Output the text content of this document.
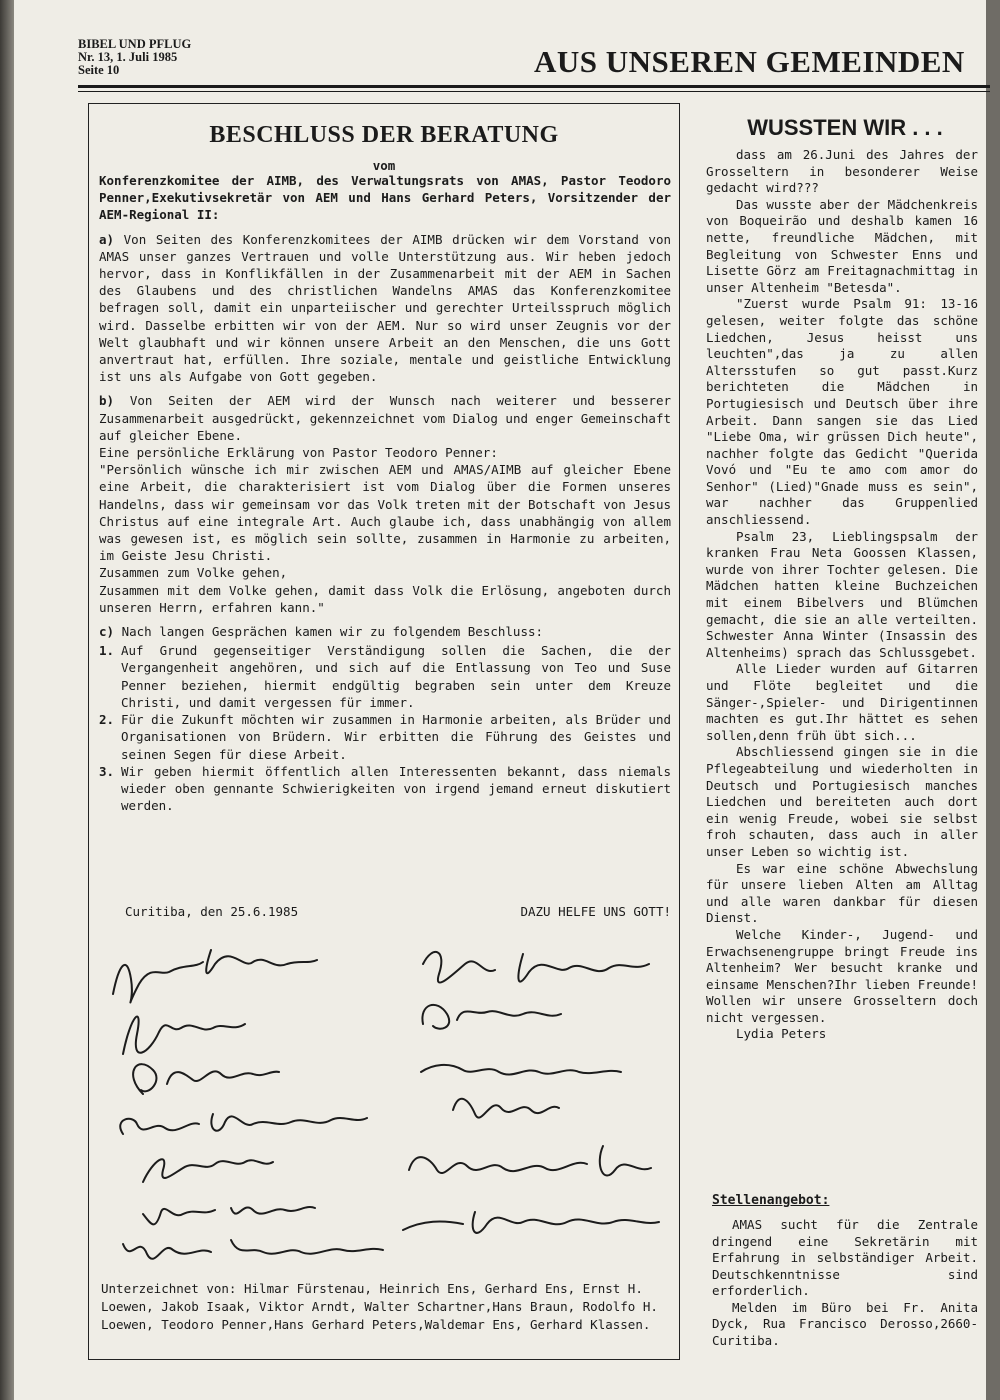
BIBEL UND PFLUG
Nr. 13, 1. Juli 1985
Seite 10	AUS UNSEREN GEMEINDEN
BESCHLUSS DER BERATUNG
vom

Konferenzkomitee der AIMB, des Verwaltungsrats von AMAS, Pastor Teodoro Penner,Exekutivsekretär von AEM und Hans Gerhard Peters, Vorsitzender der AEM-Regional II:

a) Von Seiten des Konferenzkomitees der AIMB drücken wir dem Vorstand von AMAS unser ganzes Vertrauen und volle Unterstützung aus. Wir heben jedoch hervor, dass in Konflikfällen in der Zusammenarbeit mit der AEM in Sachen des Glaubens und des christlichen Wandelns AMAS das Konferenzkomitee befragen soll, damit ein unparteiischer und gerechter Urteilsspruch möglich wird. Dasselbe erbitten wir von der AEM. Nur so wird unser Zeugnis vor der Welt glaubhaft und wir können unsere Arbeit an den Menschen, die uns Gott anvertraut hat, erfüllen. Ihre soziale, mentale und geistliche Entwicklung ist uns als Aufgabe von Gott gegeben.

b) Von Seiten der AEM wird der Wunsch nach weiterer und besserer Zusammenarbeit ausgedrückt, gekennzeichnet vom Dialog und enger Gemeinschaft auf gleicher Ebene.

Eine persönliche Erklärung von Pastor Teodoro Penner:

"Persönlich wünsche ich mir zwischen AEM und AMAS/AIMB auf gleicher Ebene eine Arbeit, die charakterisiert ist vom Dialog über die Formen unseres Handelns, dass wir gemeinsam vor das Volk treten mit der Botschaft von Jesus Christus auf eine integrale Art. Auch glaube ich, dass unabhängig von allem was gewesen ist, es möglich sein sollte, zusammen in Harmonie zu arbeiten, im Geiste Jesu Christi.

Zusammen zum Volke gehen,

Zusammen mit dem Volke gehen, damit dass Volk die Erlösung, angeboten durch unseren Herrn, erfahren kann."

c) Nach langen Gesprächen kamen wir zu folgendem Beschluss:

1. Auf Grund gegenseitiger Verständigung sollen die Sachen, die der Vergangenheit angehören, und sich auf die Entlassung von Teo und Suse Penner beziehen, hiermit endgültig begraben sein unter dem Kreuze Christi, und damit vergessen für immer.
2. Für die Zukunft möchten wir zusammen in Harmonie arbeiten, als Brüder und Organisationen von Brüdern. Wir erbitten die Führung des Geistes und seinen Segen für diese Arbeit.
3. Wir geben hiermit öffentlich allen Interessenten bekannt, dass niemals wieder oben gennante Schwierigkeiten von irgend jemand erneut diskutiert werden.
Curitiba, den 25.6.1985	DAZU HELFE UNS GOTT!
Unterzeichnet von: Hilmar Fürstenau, Heinrich Ens, Gerhard Ens, Ernst H. Loewen, Jakob Isaak, Viktor Arndt, Walter Schartner,Hans Braun, Rodolfo H. Loewen, Teodoro Penner,Hans Gerhard Peters,Waldemar Ens, Gerhard Klassen.
WUSSTEN WIR . . .

dass am 26.Juni des Jahres der Grosseltern in besonderer Weise gedacht wird???

Das wusste aber der Mädchenkreis von Boqueirão und deshalb kamen 16 nette, freundliche Mädchen, mit Begleitung von Schwester Enns und Lisette Görz am Freitagnachmittag in unser Altenheim "Betesda".

"Zuerst wurde Psalm 91: 13-16 gelesen, weiter folgte das schöne Liedchen, Jesus heisst uns leuchten",das ja zu allen Altersstufen so gut passt.Kurz berichteten die Mädchen in Portugiesisch und Deutsch über ihre Arbeit. Dann sangen sie das Lied "Liebe Oma, wir grüssen Dich heute", nachher folgte das Gedicht "Querida Vovó und "Eu te amo com amor do Senhor" (Lied)"Gnade muss es sein", war nachher das Gruppenlied anschliessend.

Psalm 23, Lieblingspsalm der kranken Frau Neta Goossen Klassen, wurde von ihrer Tochter gelesen. Die Mädchen hatten kleine Buchzeichen mit einem Bibelvers und Blümchen gemacht, die sie an alle verteilten. Schwester Anna Winter (Insassin des Altenheims) sprach das Schlussgebet.

Alle Lieder wurden auf Gitarren und Flöte begleitet und die Sänger-,Spieler- und Dirigentinnen machten es gut.Ihr hättet es sehen sollen,denn früh übt sich...

Abschliessend gingen sie in die Pflegeabteilung und wiederholten in Deutsch und Portugiesisch manches Liedchen und bereiteten auch dort ein wenig Freude, wobei sie selbst froh schauten, dass auch in aller unser Leben so wichtig ist.

Es war eine schöne Abwechslung für unsere lieben Alten am Alltag und alle waren dankbar für diesen Dienst.

Welche Kinder-, Jugend- und Erwachsenengruppe bringt Freude ins Altenheim? Wer besucht kranke und einsame Menschen?Ihr lieben Freunde! Wollen wir unsere Grosseltern doch nicht vergessen.

Lydia Peters

Stellenangebot:

AMAS sucht für die Zentrale dringend eine Sekretärin mit Erfahrung in selbständiger Arbeit. Deutschkenntnisse sind erforderlich.

Melden im Büro bei Fr. Anita Dyck, Rua Francisco Derosso,2660-Curitiba.
